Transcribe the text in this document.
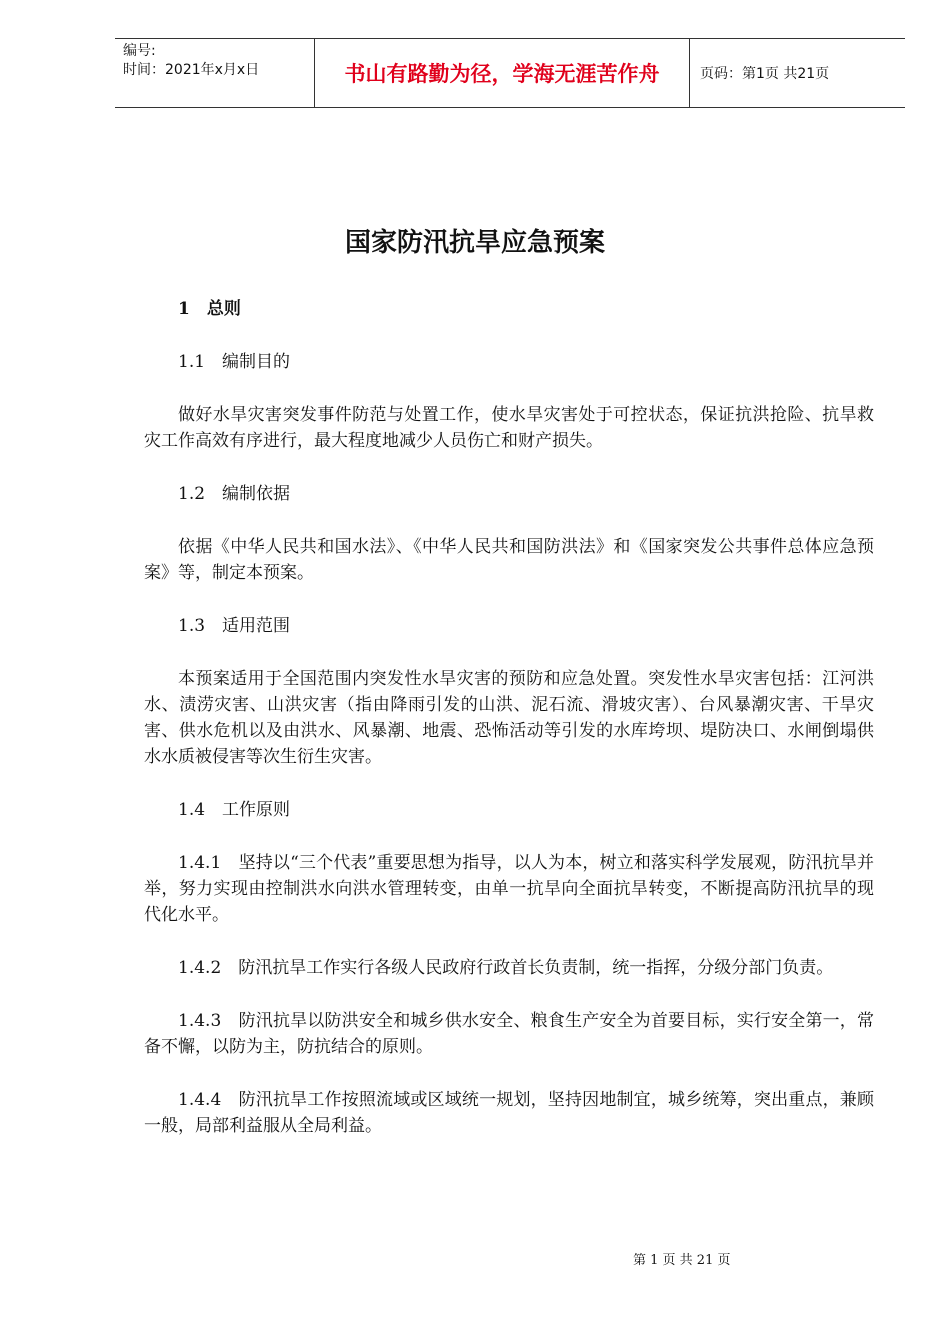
编号:
时间：2021年x月x日	书山有路勤为径，学海无涯苦作舟	页码：第1页 共21页
国家防汛抗旱应急预案

1　总则

1.1　编制目的

做好水旱灾害突发事件防范与处置工作，使水旱灾害处于可控状态，保证抗洪抢险、抗旱救灾工作高效有序进行，最大程度地减少人员伤亡和财产损失。

1.2　编制依据

依据《中华人民共和国水法》、《中华人民共和国防洪法》和《国家突发公共事件总体应急预案》等，制定本预案。

1.3　适用范围

本预案适用于全国范围内突发性水旱灾害的预防和应急处置。突发性水旱灾害包括：江河洪水、渍涝灾害、山洪灾害（指由降雨引发的山洪、泥石流、滑坡灾害）、台风暴潮灾害、干旱灾害、供水危机以及由洪水、风暴潮、地震、恐怖活动等引发的水库垮坝、堤防决口、水闸倒塌供水水质被侵害等次生衍生灾害。

1.4　工作原则

1.4.1　坚持以“三个代表”重要思想为指导，以人为本，树立和落实科学发展观，防汛抗旱并举，努力实现由控制洪水向洪水管理转变，由单一抗旱向全面抗旱转变，不断提高防汛抗旱的现代化水平。

1.4.2　防汛抗旱工作实行各级人民政府行政首长负责制，统一指挥，分级分部门负责。

1.4.3　防汛抗旱以防洪安全和城乡供水安全、粮食生产安全为首要目标，实行安全第一，常备不懈，以防为主，防抗结合的原则。

1.4.4　防汛抗旱工作按照流域或区域统一规划，坚持因地制宜，城乡统筹，突出重点，兼顾一般，局部利益服从全局利益。

第 1 页 共 21 页
